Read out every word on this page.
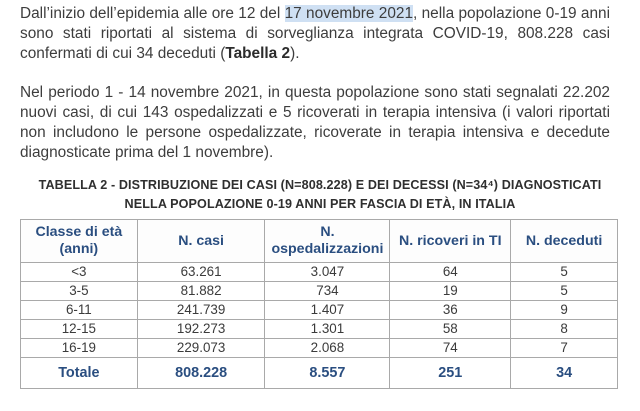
Dall’inizio dell’epidemia alle ore 12 del 17 novembre 2021, nella popolazione 0-19 anni sono stati riportati al sistema di sorveglianza integrata COVID-19, 808.228 casi confermati di cui 34 deceduti (Tabella 2).
Nel periodo 1 - 14 novembre 2021, in questa popolazione sono stati segnalati 22.202 nuovi casi, di cui 143 ospedalizzati e 5 ricoverati in terapia intensiva (i valori riportati non includono le persone ospedalizzate, ricoverate in terapia intensiva e decedute diagnosticate prima del 1 novembre).
TABELLA 2 - DISTRIBUZIONE DEI CASI (N=808.228) E DEI DECESSI (N=34⁴) DIAGNOSTICATI
NELLA POPOLAZIONE 0-19 ANNI PER FASCIA DI ETÀ, IN ITALIA
Classe di età (anni)	N. casi	N. ospedalizzazioni	N. ricoveri in TI	N. deceduti
<3	63.261	3.047	64	5
3-5	81.882	734	19	5
6-11	241.739	1.407	36	9
12-15	192.273	1.301	58	8
16-19	229.073	2.068	74	7
Totale	808.228	8.557	251	34
